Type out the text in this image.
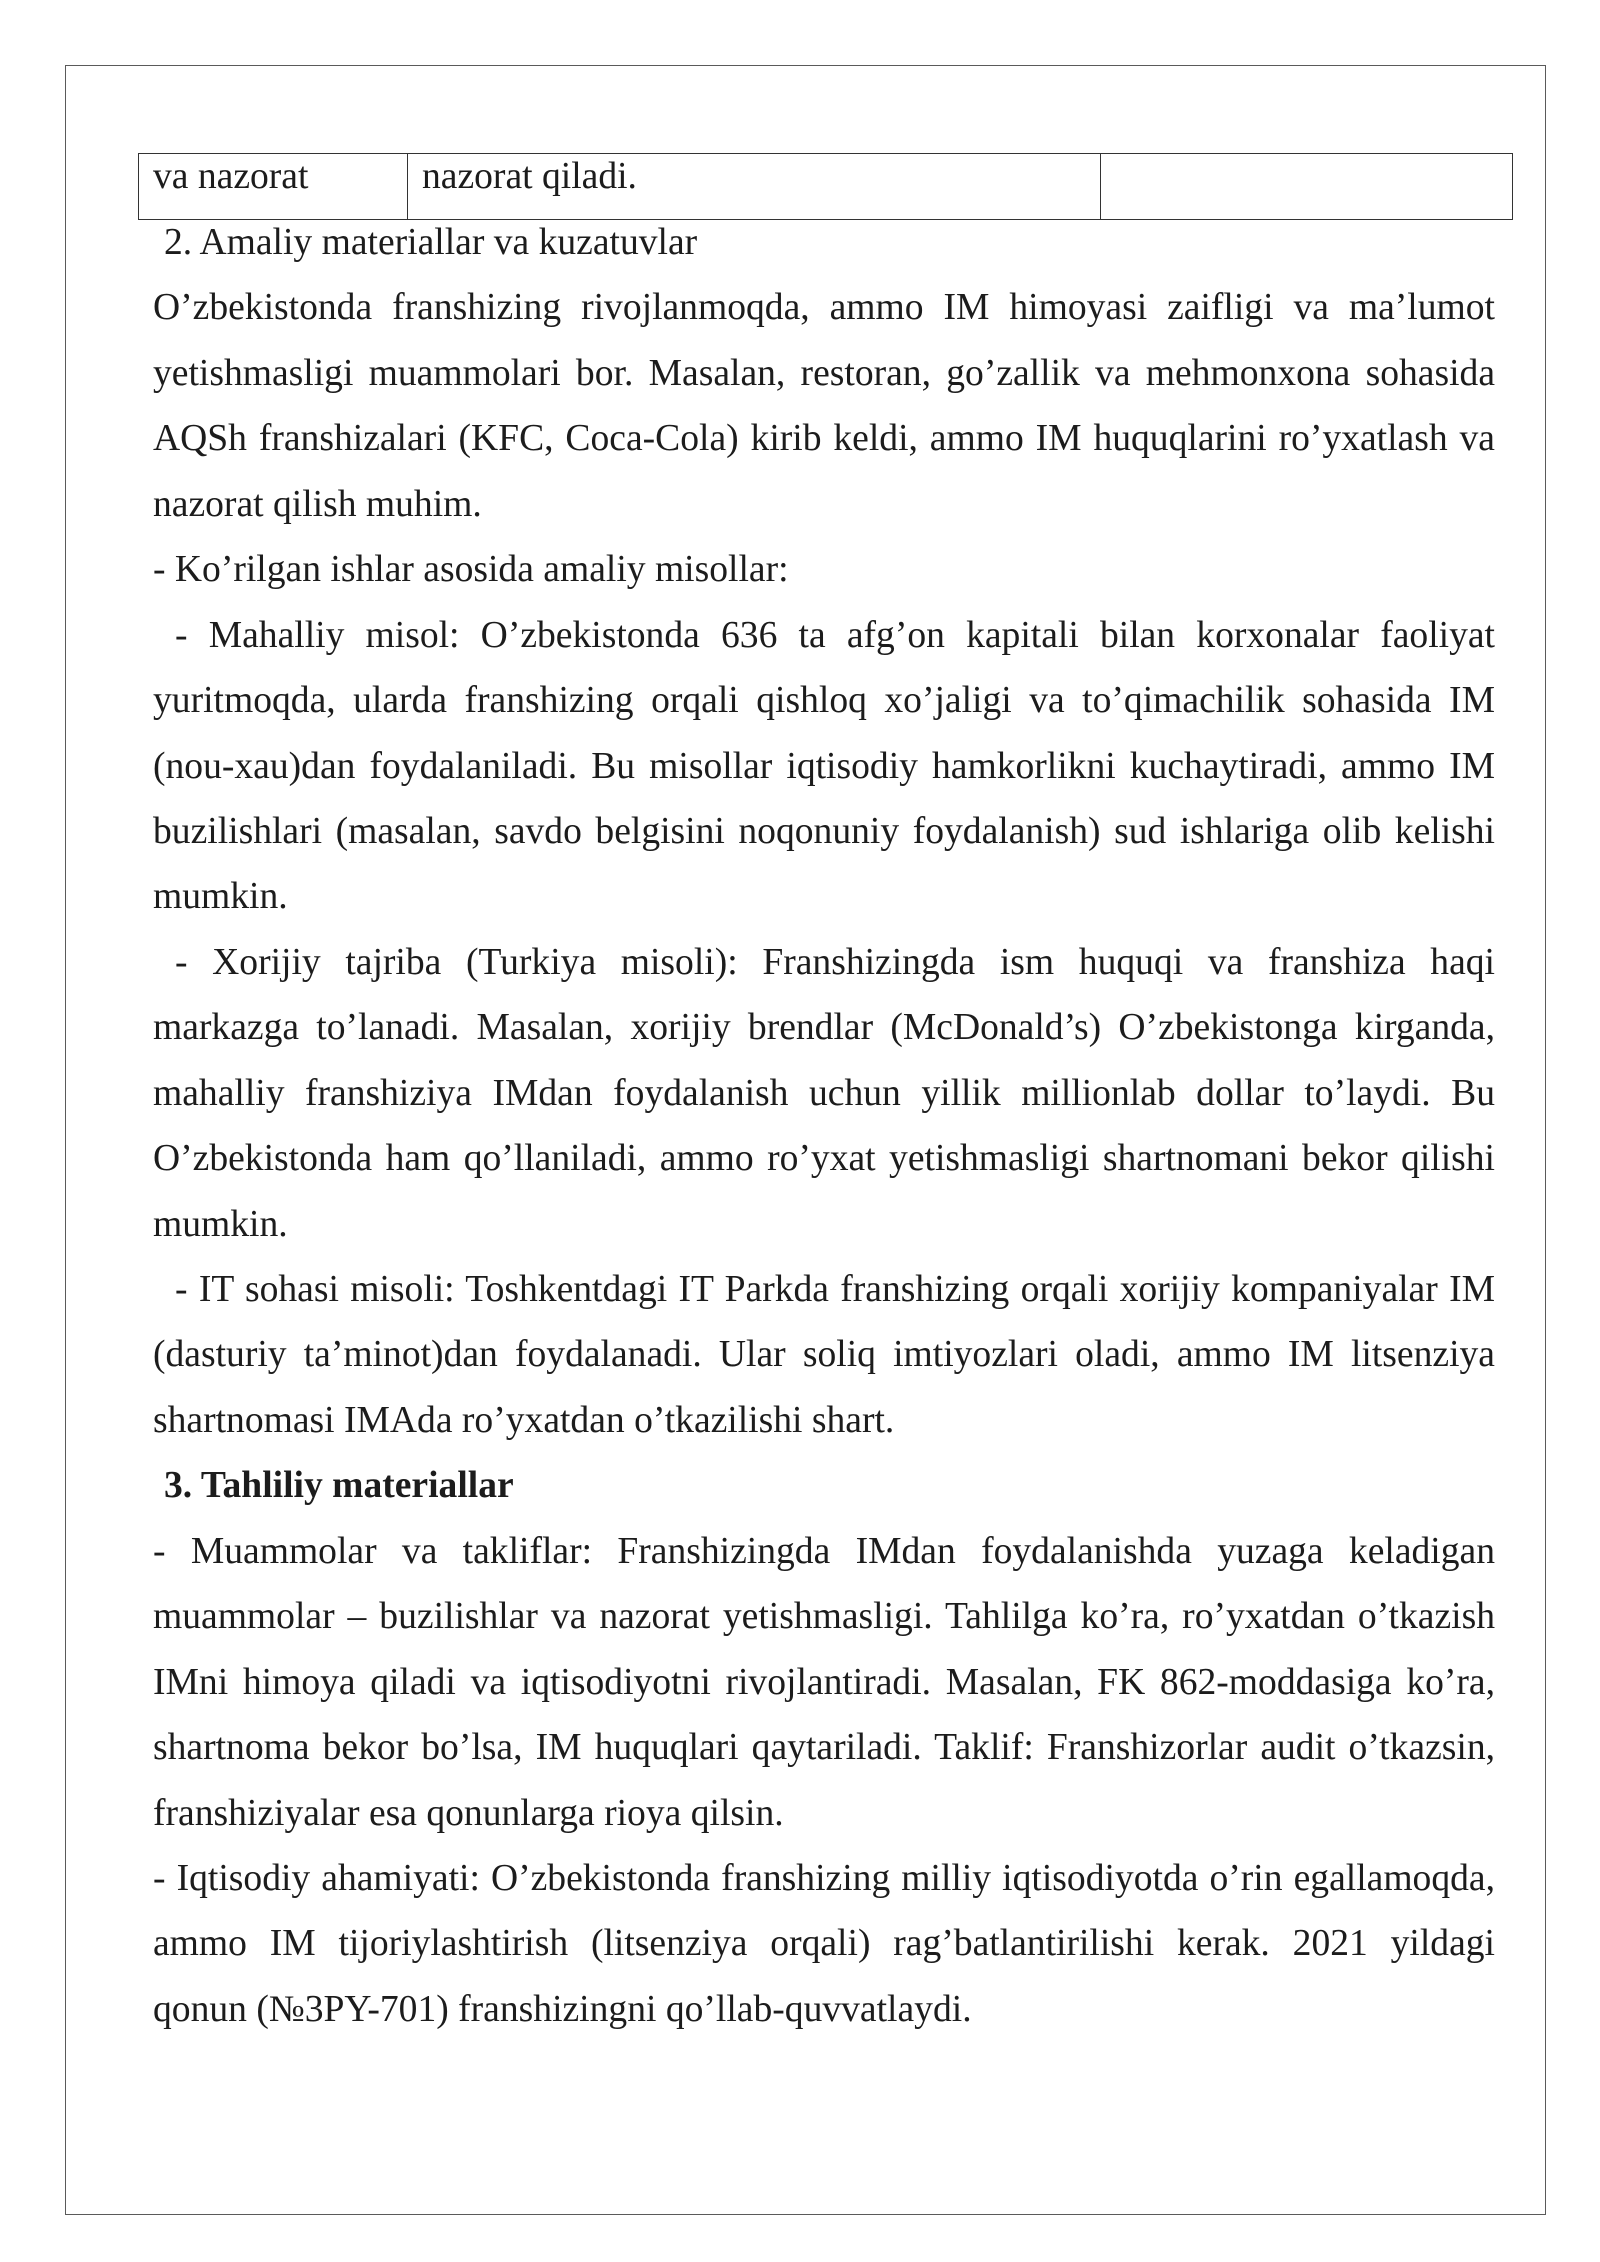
va nazorat	nazorat qiladi.
2. Amaliy materiallar va kuzatuvlar
O’zbekistonda franshizing rivojlanmoqda, ammo IM himoyasi zaifligi va ma’lumot
yetishmasligi muammolari bor. Masalan, restoran, go’zallik va mehmonxona sohasida
AQSh franshizalari (KFC, Coca-Cola) kirib keldi, ammo IM huquqlarini ro’yxatlash va
nazorat qilish muhim.
- Ko’rilgan ishlar asosida amaliy misollar:
- Mahalliy misol: O’zbekistonda 636 ta afg’on kapitali bilan korxonalar faoliyat
yuritmoqda, ularda franshizing orqali qishloq xo’jaligi va to’qimachilik sohasida IM
(nou-xau)dan foydalaniladi. Bu misollar iqtisodiy hamkorlikni kuchaytiradi, ammo IM
buzilishlari (masalan, savdo belgisini noqonuniy foydalanish) sud ishlariga olib kelishi
mumkin.
- Xorijiy tajriba (Turkiya misoli): Franshizingda ism huquqi va franshiza haqi
markazga to’lanadi. Masalan, xorijiy brendlar (McDonald’s) O’zbekistonga kirganda,
mahalliy franshiziya IMdan foydalanish uchun yillik millionlab dollar to’laydi. Bu
O’zbekistonda ham qo’llaniladi, ammo ro’yxat yetishmasligi shartnomani bekor qilishi
mumkin.
- IT sohasi misoli: Toshkentdagi IT Parkda franshizing orqali xorijiy kompaniyalar IM
(dasturiy ta’minot)dan foydalanadi. Ular soliq imtiyozlari oladi, ammo IM litsenziya
shartnomasi IMAda ro’yxatdan o’tkazilishi shart.
3. Tahliliy materiallar
- Muammolar va takliflar: Franshizingda IMdan foydalanishda yuzaga keladigan
muammolar – buzilishlar va nazorat yetishmasligi. Tahlilga ko’ra, ro’yxatdan o’tkazish
IMni himoya qiladi va iqtisodiyotni rivojlantiradi. Masalan, FK 862-moddasiga ko’ra,
shartnoma bekor bo’lsa, IM huquqlari qaytariladi. Taklif: Franshizorlar audit o’tkazsin,
franshiziyalar esa qonunlarga rioya qilsin.
- Iqtisodiy ahamiyati: O’zbekistonda franshizing milliy iqtisodiyotda o’rin egallamoqda,
ammo IM tijoriylashtirish (litsenziya orqali) rag’batlantirilishi kerak. 2021 yildagi
qonun (№3PY-701) franshizingni qo’llab-quvvatlaydi.
